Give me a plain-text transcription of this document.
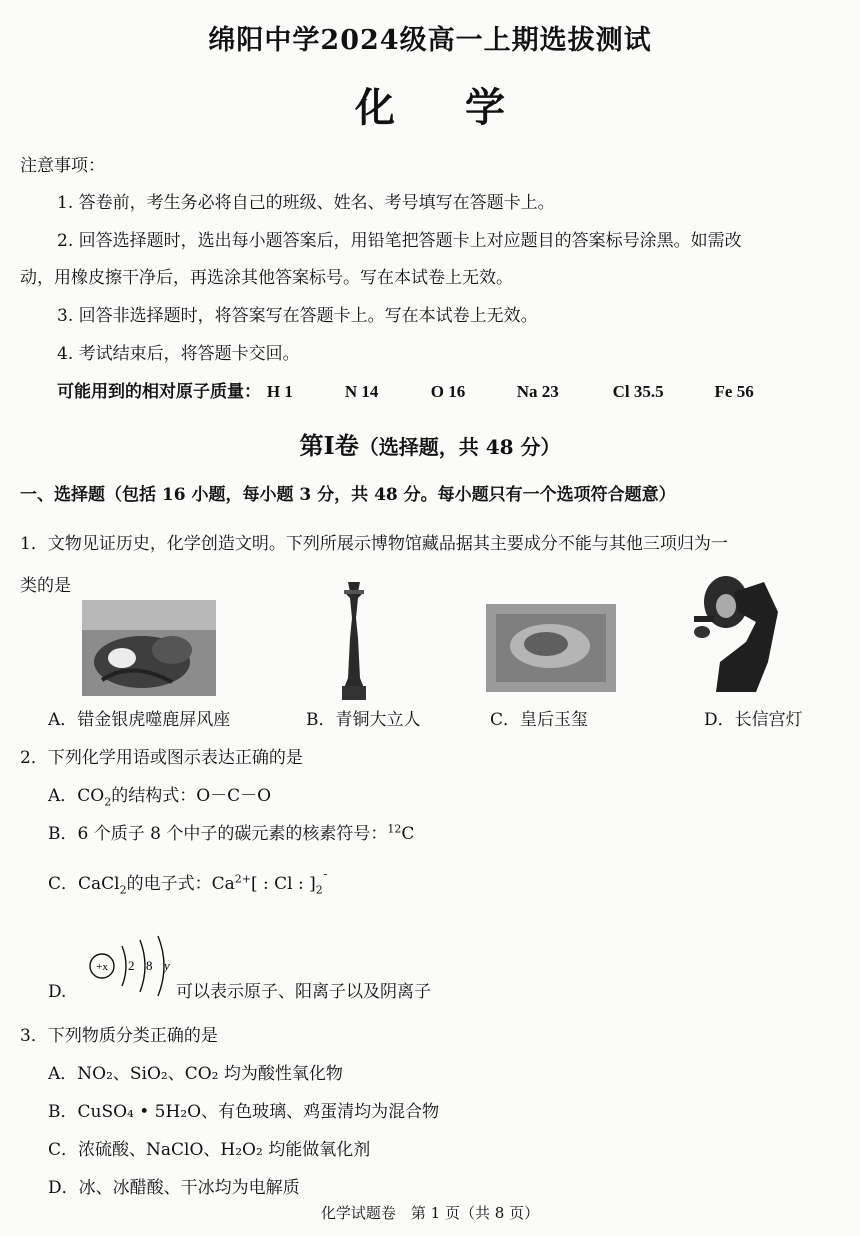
绵阳中学2024级高一上期选拔测试
化学
注意事项：
1. 答卷前，考生务必将自己的班级、姓名、考号填写在答题卡上。
2. 回答选择题时，选出每小题答案后，用铅笔把答题卡上对应题目的答案标号涂黑。如需改
动，用橡皮擦干净后，再选涂其他答案标号。写在本试卷上无效。
3. 回答非选择题时，将答案写在答题卡上。写在本试卷上无效。
4. 考试结束后，将答题卡交回。
可能用到的相对原子质量： H 1	N 14	O 16	Na 23	Cl 35.5	Fe 56
第Ⅰ卷（选择题，共 48 分）
一、选择题（包括 16 小题，每小题 3 分，共 48 分。每小题只有一个选项符合题意）
1．文物见证历史，化学创造文明。下列所展示博物馆藏品据其主要成分不能与其他三项归为一
类的是
A．错金银虎噬鹿屏风座	B．青铜大立人	C．皇后玉玺	D．长信宫灯
2．下列化学用语或图示表达正确的是
A．$CO_2$的结构式：O－C－O
B．6 个质子 8 个中子的碳元素的核素符号：$^{12}$C
C．CaCl$_2$的电子式：$Ca^{2+}$[ : Cl : ]$_2^¯$
D.
+x 2 8 y
可以表示原子、阳离子以及阴离子
3．下列物质分类正确的是
A．NO₂、SiO₂、CO₂ 均为酸性氧化物
B．CuSO₄ • 5H₂O、有色玻璃、鸡蛋清均为混合物
C．浓硫酸、NaClO、H₂O₂ 均能做氧化剂
D．冰、冰醋酸、干冰均为电解质
化学试题卷　第 1 页（共 8 页）
